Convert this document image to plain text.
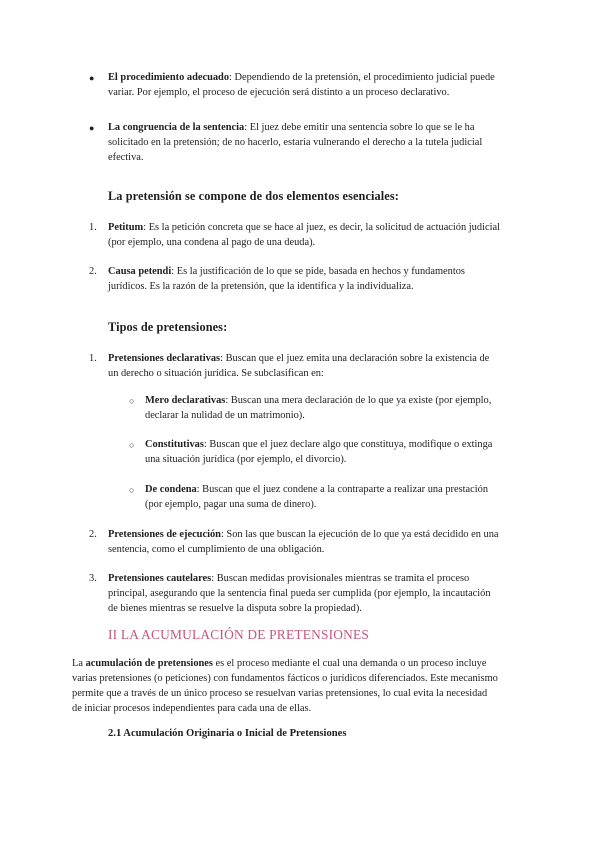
● El procedimiento adecuado: Dependiendo de la pretensión, el procedimiento judicial puede
variar. Por ejemplo, el proceso de ejecución será distinto a un proceso declarativo.
● La congruencia de la sentencia: El juez debe emitir una sentencia sobre lo que se le ha
solicitado en la pretensión; de no hacerlo, estaría vulnerando el derecho a la tutela judicial
efectiva.
La pretensión se compone de dos elementos esenciales:
1. Petitum: Es la petición concreta que se hace al juez, es decir, la solicitud de actuación judicial
(por ejemplo, una condena al pago de una deuda).
2. Causa petendi: Es la justificación de lo que se pide, basada en hechos y fundamentos
jurídicos. Es la razón de la pretensión, que la identifica y la individualiza.
Tipos de pretensiones:
1. Pretensiones declarativas: Buscan que el juez emita una declaración sobre la existencia de
un derecho o situación jurídica. Se subclasifican en:
○ Mero declarativas: Buscan una mera declaración de lo que ya existe (por ejemplo,
declarar la nulidad de un matrimonio).
○ Constitutivas: Buscan que el juez declare algo que constituya, modifique o extinga
una situación jurídica (por ejemplo, el divorcio).
○ De condena: Buscan que el juez condene a la contraparte a realizar una prestación
(por ejemplo, pagar una suma de dinero).
2. Pretensiones de ejecución: Son las que buscan la ejecución de lo que ya está decidido en una
sentencia, como el cumplimiento de una obligación.
3. Pretensiones cautelares: Buscan medidas provisionales mientras se tramita el proceso
principal, asegurando que la sentencia final pueda ser cumplida (por ejemplo, la incautación
de bienes mientras se resuelve la disputa sobre la propiedad).
II LA ACUMULACIÓN DE PRETENSIONES
La acumulación de pretensiones es el proceso mediante el cual una demanda o un proceso incluye
varias pretensiones (o peticiones) con fundamentos fácticos o jurídicos diferenciados. Este mecanismo
permite que a través de un único proceso se resuelvan varias pretensiones, lo cual evita la necesidad
de iniciar procesos independientes para cada una de ellas.
2.1 Acumulación Originaria o Inicial de Pretensiones
